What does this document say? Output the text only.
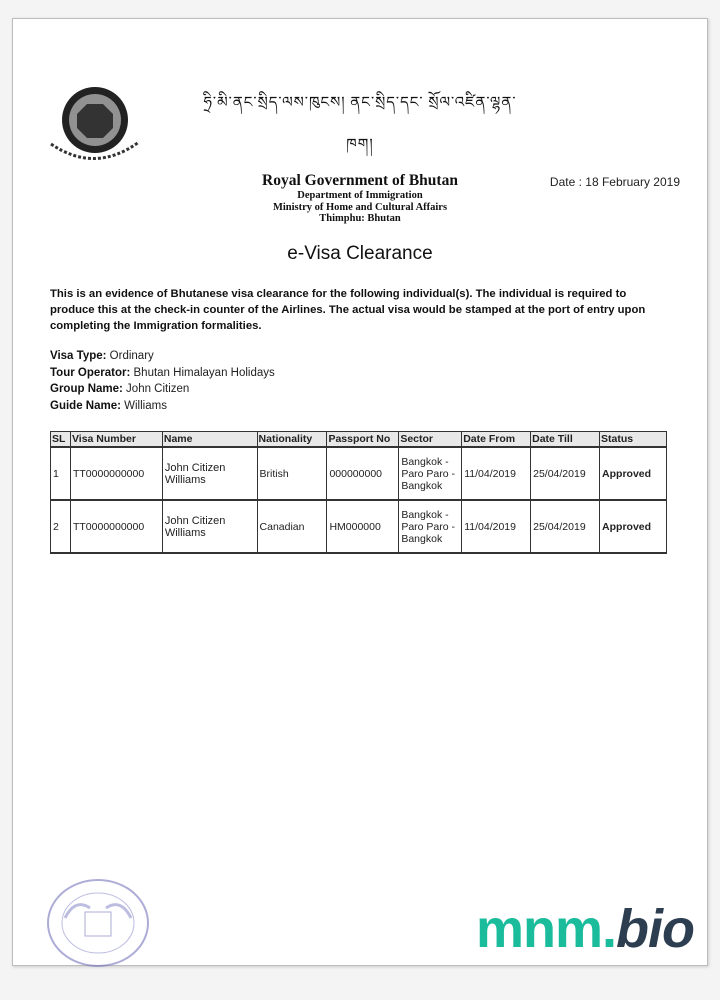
ཧྲི་མི་ནང་སྲིད་ལས་ཁུངས། ནང་སྲིད་དང་ སྲོལ་འཛིན་ལྷན་ཁག།
Royal Government of Bhutan
Department of Immigration
Ministry of Home and Cultural Affairs
Thimphu: Bhutan
Date : 18 February 2019
e-Visa Clearance
This is an evidence of Bhutanese visa clearance for the following individual(s). The individual is required to produce this at the check-in counter of the Airlines. The actual visa would be stamped at the port of entry upon completing the Immigration formalities.
Visa Type: Ordinary
Tour Operator: Bhutan Himalayan Holidays
Group Name: John Citizen
Guide Name: Williams
SL	Visa Number	Name	Nationality	Passport No	Sector	Date From	Date Till	Status
1	TT0000000000	John Citizen Williams	British	000000000	Bangkok - Paro Paro - Bangkok	11/04/2019	25/04/2019	Approved
2	TT0000000000	John Citizen Williams	Canadian	HM000000	Bangkok - Paro Paro - Bangkok	11/04/2019	25/04/2019	Approved
mnm.bio
